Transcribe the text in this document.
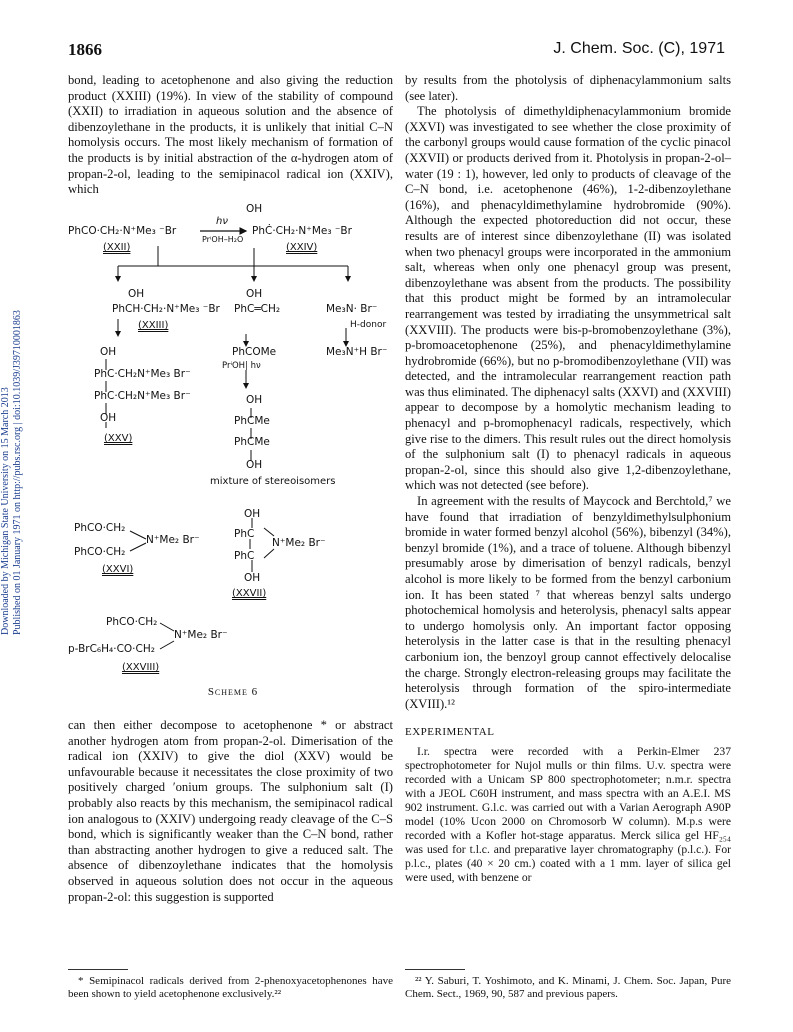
1866	J. Chem. Soc. (C), 1971
Downloaded by Michigan State University on 15 March 2013 Published on 01 January 1971 on http://pubs.rsc.org | doi:10.1039/J39710001863

bond, leading to acetophenone and also giving the reduction product (XXIII) (19%). In view of the stability of compound (XXII) to irradiation in aqueous solution and the absence of dibenzoylethane in the products, it is unlikely that initial C–N homolysis occurs. The most likely mechanism of formation of the products is by initial abstraction of the α-hydrogen atom of propan-2-ol, leading to the semipinacol radical ion (XXIV), which

OH
PhCO·CH₂·N⁺Me₃ ⁻Br
hν
PrⁱOH–H₂O
PhĊ·CH₂·N⁺Me₃ ⁻Br
(XXII)	(XXIV)
OH
PhCH·CH₂·N⁺Me₃ ⁻Br
(XXIII)
OH
PhC═CH₂	Me₃N· Br⁻
H-donor
Me₃N⁺H Br⁻
OH
PhC·CH₂N⁺Me₃ Br⁻
PhC·CH₂N⁺Me₃ Br⁻
OH
(XXV)
PhCOMe
PrⁱOH| hν
OH
PhCMe
PhCMe
OH
mixture of stereoisomers
PhCO·CH₂
N⁺Me₂ Br⁻
PhCO·CH₂
(XXVI)
OH
PhC
N⁺Me₂ Br⁻
PhC
OH
(XXVII)
PhCO·CH₂
N⁺Me₂ Br⁻
p-BrC₆H₄·CO·CH₂
(XXVIII)
Scheme 6

can then either decompose to acetophenone * or abstract another hydrogen atom from propan-2-ol. Dimerisation of the radical ion (XXIV) to give the diol (XXV) would be unfavourable because it necessitates the close proximity of two positively charged ′onium groups. The sulphonium salt (I) probably also reacts by this mechanism, the semipinacol radical ion analogous to (XXIV) undergoing ready cleavage of the C–S bond, which is significantly weaker than the C–N bond, rather than abstracting another hydrogen to give a reduced salt. The absence of dibenzoylethane indicates that the homolysis observed in aqueous solution does not occur in the aqueous propan-2-ol: this suggestion is supported

* Semipinacol radicals derived from 2-phenoxyacetophenones have been shown to yield acetophenone exclusively.²²

by results from the photolysis of diphenacylammonium salts (see later).

The photolysis of dimethyldiphenacylammonium bromide (XXVI) was investigated to see whether the close proximity of the carbonyl groups would cause formation of the cyclic pinacol (XXVII) or products derived from it. Photolysis in propan-2-ol–water (19 : 1), however, led only to products of cleavage of the C–N bond, i.e. acetophenone (46%), 1-2-dibenzoylethane (16%), and phenacyldimethylamine hydrobromide (90%). Although the expected photoreduction did not occur, these results are of interest since dibenzoylethane (II) was isolated when two phenacyl groups were incorporated in the ammonium salt, whereas when only one phenacyl group was present, dibenzoylethane was absent from the products. The possibility that this product might be formed by an intramolecular rearrangement was tested by irradiating the unsymmetrical salt (XXVIII). The products were bis-p-bromobenzoylethane (3%), p-bromoacetophenone (25%), and phenacyldimethylamine hydrobromide (66%), but no p-bromodibenzoylethane (VII) was detected, and the intramolecular rearrangement reaction path was thus eliminated. The diphenacyl salts (XXVI) and (XXVIII) appear to decompose by a homolytic mechanism leading to phenacyl and p-bromophenacyl radicals, respectively, which give rise to the dimers. This result rules out the direct homolysis of the sulphonium salt (I) to phenacyl radicals in aqueous propan-2-ol, since this should also give 1,2-dibenzoylethane, which was not detected (see before).

In agreement with the results of Maycock and Berchtold,⁷ we have found that irradiation of benzyldimethylsulphonium bromide in water formed benzyl alcohol (56%), bibenzyl (34%), benzyl bromide (1%), and a trace of toluene. Although bibenzyl presumably arose by dimerisation of benzyl radicals, benzyl alcohol is more likely to be formed from the benzyl carbonium ion. It has been stated ⁷ that whereas benzyl salts undergo photochemical homolysis and heterolysis, phenacyl salts appear to undergo homolysis only. An important factor opposing heterolysis in the latter case is that in the resulting phenacyl carbonium ion, the benzoyl group cannot effectively delocalise the charge. Strongly electron-releasing groups may facilitate the heterolysis through formation of the spiro-intermediate (XVIII).¹²

EXPERIMENTAL

I.r. spectra were recorded with a Perkin-Elmer 237 spectrophotometer for Nujol mulls or thin films. U.v. spectra were recorded with a Unicam SP 800 spectrophotometer; n.m.r. spectra with a JEOL C60H instrument, and mass spectra with an A.E.I. MS 902 instrument. G.l.c. was carried out with a Varian Aerograph A90P model (10% Ucon 2000 on Chromosorb W column). M.p.s were recorded with a Kofler hot-stage apparatus. Merck silica gel HF₂₅₄ was used for t.l.c. and preparative layer chromatography (p.l.c.). For p.l.c., plates (40 × 20 cm.) coated with a 1 mm. layer of silica gel were used, with benzene or

²² Y. Saburi, T. Yoshimoto, and K. Minami, J. Chem. Soc. Japan, Pure Chem. Sect., 1969, 90, 587 and previous papers.
